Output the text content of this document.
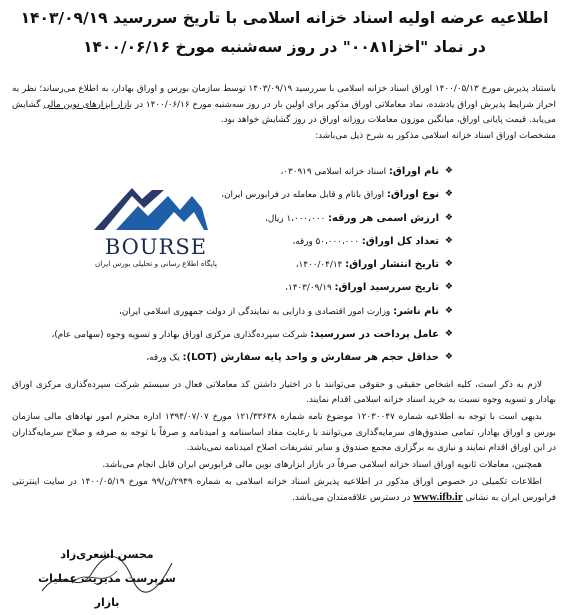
اطلاعیه عرضه اولیه اسناد خزانه اسلامی با تاریخ سررسید ۱۴۰۳/۰۹/۱۹
در نماد "اخزا۰۰۸۱" در روز سه‌شنبه مورخ ۱۴۰۰/۰۶/۱۶
باستناد پذیرش مورخ ۱۴۰۰/۰۵/۱۳ اوراق اسناد خزانه اسلامی با سررسید ۱۴۰۳/۰۹/۱۹ توسط سازمان بورس و اوراق بهادار، به اطلاع می‌رساند؛ نظر به احراز شرایط پذیرش اوراق یادشده، نماد معاملاتی اوراق مذکور برای اولین بار در روز سه‌شنبه مورخ ۱۴۰۰/۰۶/۱۶ در بازار ابزارهای نوین مالی گشایش می‌یابد. قیمت پایانی اوراق، میانگین موزون معاملات روزانه اوراق در روز گشایش خواهد بود.
مشخصات اوراق اسناد خزانه اسلامی مذکور به شرح ذیل می‌باشد:
BOURSE
پایگاه اطلاع رسانی و تحلیلی بورس ایران
❖
نام اوراق: اسناد خزانه اسلامی ۰۳۰۹۱۹،
❖
نوع اوراق: اوراق بانام و قابل معامله در فرابورس ایران،
❖
ارزش اسمی هر ورقه: ۱،۰۰۰،۰۰۰ ریال،
❖
تعداد کل اوراق: ۵۰،۰۰۰،۰۰۰ ورقه،
❖
تاریخ انتشار اوراق: ۱۴۰۰/۰۴/۱۴،
❖
تاریخ سررسید اوراق: ۱۴۰۳/۰۹/۱۹،
❖
نام ناشر: وزارت امور اقتصادی و دارایی به نمایندگی از دولت جمهوری اسلامی ایران،
❖
عامل پرداخت در سررسید: شرکت سپرده‌گذاری مرکزی اوراق بهادار و تسویه وجوه (سهامی عام)،
❖
حداقل حجم هر سفارش و واحد پایه سفارش (LOT): یک ورقه،

لازم به ذکر است، کلیه اشخاص حقیقی و حقوقی می‌توانند با در اختیار داشتن کد معاملاتی فعال در سیستم شرکت سپرده‌گذاری مرکزی اوراق بهادار و تسویه وجوه نسبت به خرید اسناد خزانه اسلامی اقدام نمایند.

بدیهی است با توجه به اطلاعیه شماره ۱۲۰۳۰۰۴۷ موضوع نامه شماره ۱۲۱/۳۳۶۳۸ مورخ ۱۳۹۴/۰۷/۰۷ اداره محترم امور نهادهای مالی سازمان بورس و اوراق بهادار، تمامی صندوق‌های سرمایه‌گذاری می‌توانند با رعایت مفاد اساسنامه و امیدنامه و صرفاً با توجه به صرفه و صلاح سرمایه‌گذاران در این اوراق اقدام نمایند و نیازی به برگزاری مجمع صندوق و سایر تشریفات اصلاح امیدنامه نمی‌باشد.

همچنین، معاملات ثانویه اوراق اسناد خزانه اسلامی صرفاً در بازار ابزارهای نوین مالی فرابورس ایران قابل انجام می‌باشد.

اطلاعات تکمیلی در خصوص اوراق مذکور در اطلاعیه پذیرش اسناد خزانه اسلامی به شماره ۲۹۴۹/ن/۹۹ مورخ ۱۴۰۰/۰۵/۱۹ در سایت اینترنتی فرابورس ایران به نشانی www.ifb.ir در دسترس علاقه‌مندان می‌باشد.

محسن اشعری‌زاد
سرپرست مدیریت عملیات بازار
